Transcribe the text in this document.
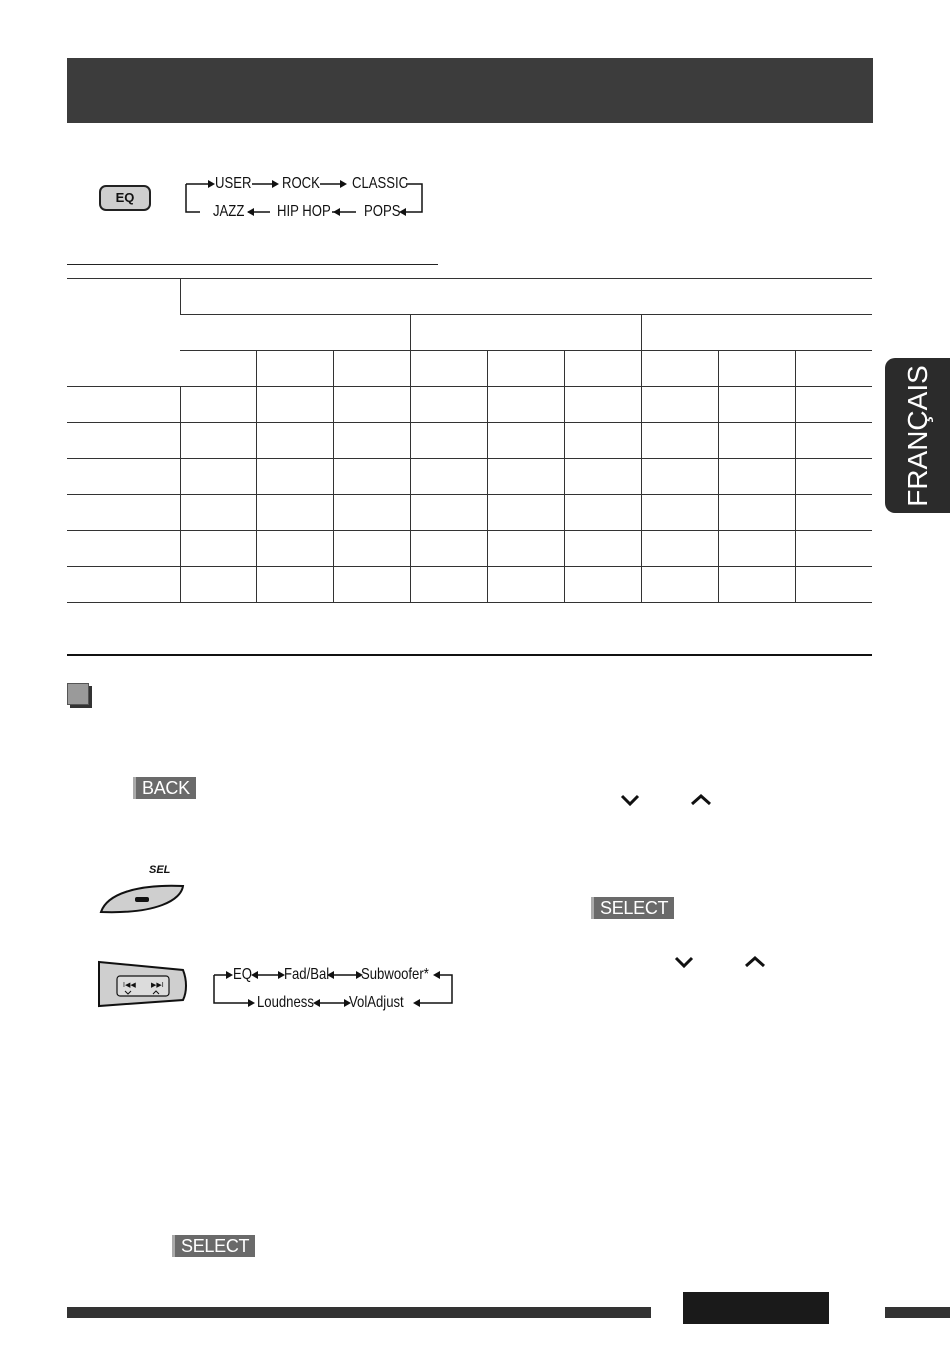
EQ
USER ROCK CLASSIC
JAZZ HIP HOP POPS

BACK
SEL
I◀◀ ▶▶I
EQ Fad/Bal Subwoofer*
Loudness VolAdjust
SELECT
SELECT
FRANÇAIS
